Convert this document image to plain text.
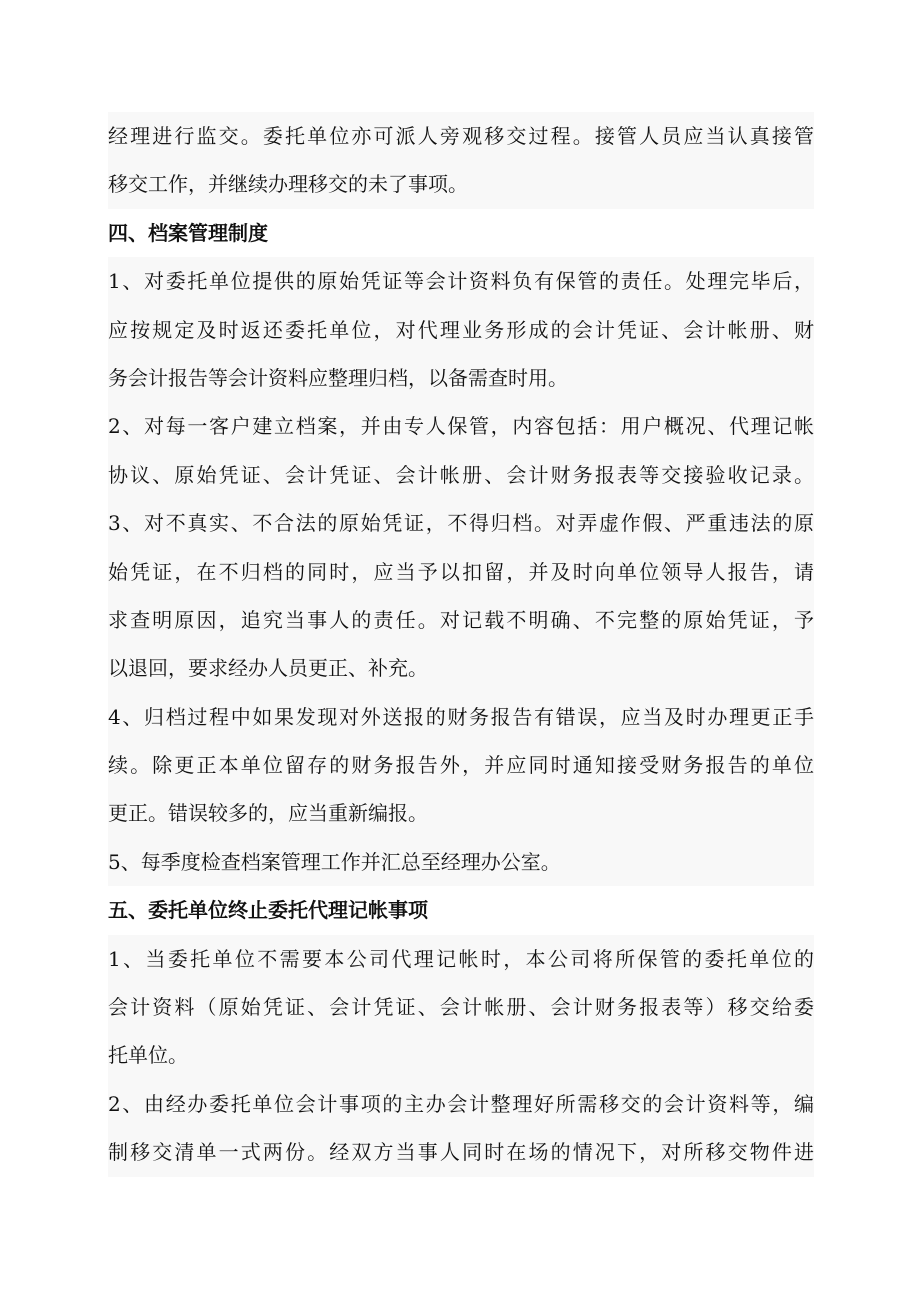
经理进行监交。委托单位亦可派人旁观移交过程。接管人员应当认真接管
移交工作，并继续办理移交的未了事项。
四、档案管理制度
1、对委托单位提供的原始凭证等会计资料负有保管的责任。处理完毕后，
应按规定及时返还委托单位，对代理业务形成的会计凭证、会计帐册、财
务会计报告等会计资料应整理归档，以备需查时用。
2、对每一客户建立档案，并由专人保管，内容包括：用户概况、代理记帐
协议、原始凭证、会计凭证、会计帐册、会计财务报表等交接验收记录。
3、对不真实、不合法的原始凭证，不得归档。对弄虚作假、严重违法的原
始凭证，在不归档的同时，应当予以扣留，并及时向单位领导人报告，请
求查明原因，追究当事人的责任。对记载不明确、不完整的原始凭证，予
以退回，要求经办人员更正、补充。
4、归档过程中如果发现对外送报的财务报告有错误，应当及时办理更正手
续。除更正本单位留存的财务报告外，并应同时通知接受财务报告的单位
更正。错误较多的，应当重新编报。
5、每季度检查档案管理工作并汇总至经理办公室。
五、委托单位终止委托代理记帐事项
1、当委托单位不需要本公司代理记帐时，本公司将所保管的委托单位的
会计资料（原始凭证、会计凭证、会计帐册、会计财务报表等）移交给委
托单位。
2、由经办委托单位会计事项的主办会计整理好所需移交的会计资料等，编
制移交清单一式两份。经双方当事人同时在场的情况下，对所移交物件进
